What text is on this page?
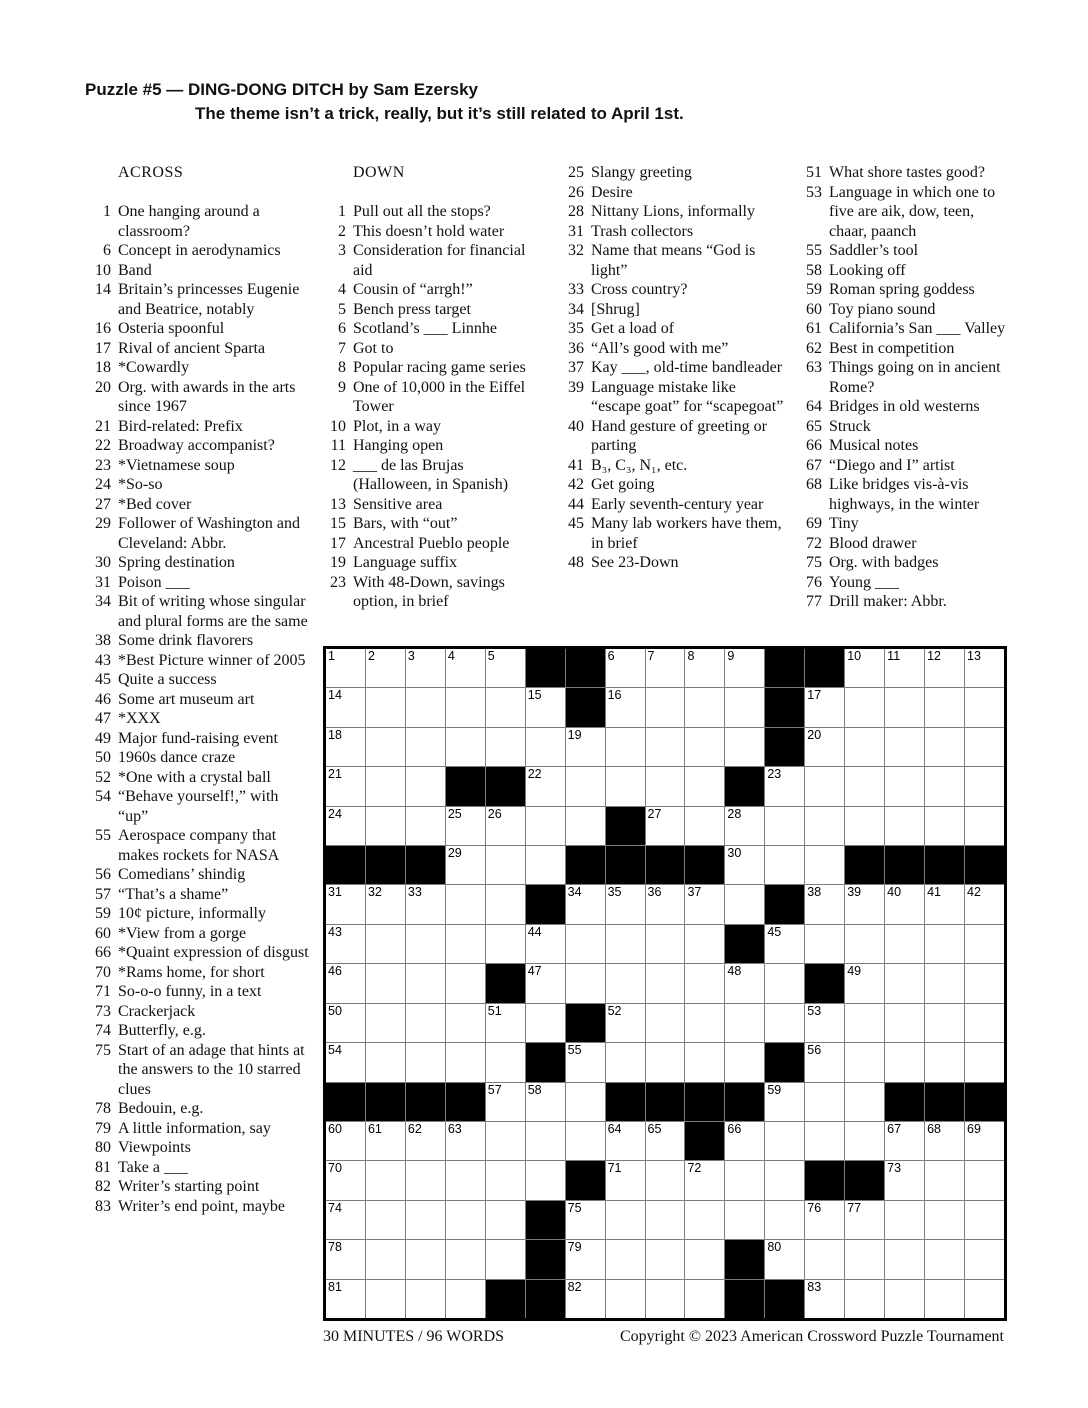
Puzzle #5 — DING-DONG DITCH by Sam Ezersky
The theme isn’t a trick, really, but it’s still related to April 1st.
ACROSS
1 One hanging around a classroom?
6 Concept in aerodynamics
10 Band
14 Britain’s princesses Eugenie and Beatrice, notably
16 Osteria spoonful
17 Rival of ancient Sparta
18 *Cowardly
20 Org. with awards in the arts since 1967
21 Bird-related: Prefix
22 Broadway accompanist?
23 *Vietnamese soup
24 *So-so
27 *Bed cover
29 Follower of Washington and Cleveland: Abbr.
30 Spring destination
31 Poison ___
34 Bit of writing whose singular and plural forms are the same
38 Some drink flavorers
43 *Best Picture winner of 2005
45 Quite a success
46 Some art museum art
47 *XXX
49 Major fund-raising event
50 1960s dance craze
52 *One with a crystal ball
54 “Behave yourself!,” with “up”
55 Aerospace company that makes rockets for NASA
56 Comedians’ shindig
57 “That’s a shame”
59 10¢ picture, informally
60 *View from a gorge
66 *Quaint expression of disgust
70 *Rams home, for short
71 So-o-o funny, in a text
73 Crackerjack
74 Butterfly, e.g.
75 Start of an adage that hints at the answers to the 10 starred clues
78 Bedouin, e.g.
79 A little information, say
80 Viewpoints
81 Take a ___
82 Writer’s starting point
83 Writer’s end point, maybe
DOWN
1 Pull out all the stops?
2 This doesn’t hold water
3 Consideration for financial aid
4 Cousin of “arrgh!”
5 Bench press target
6 Scotland’s ___ Linnhe
7 Got to
8 Popular racing game series
9 One of 10,000 in the Eiffel Tower
10 Plot, in a way
11 Hanging open
12 ___ de las Brujas (Halloween, in Spanish)
13 Sensitive area
15 Bars, with “out”
17 Ancestral Pueblo people
19 Language suffix
23 With 48-Down, savings option, in brief
25 Slangy greeting
26 Desire
28 Nittany Lions, informally
31 Trash collectors
32 Name that means “God is light”
33 Cross country?
34 [Shrug]
35 Get a load of
36 “All’s good with me”
37 Kay ___, old-time bandleader
39 Language mistake like “escape goat” for “scapegoat”
40 Hand gesture of greeting or parting
41 B₃, C₃, N₁, etc.
42 Get going
44 Early seventh-century year
45 Many lab workers have them, in brief
48 See 23-Down
51 What shore tastes good?
53 Language in which one to five are aik, dow, teen, chaar, paanch
55 Saddler’s tool
58 Looking off
59 Roman spring goddess
60 Toy piano sound
61 California’s San ___ Valley
62 Best in competition
63 Things going on in ancient Rome?
64 Bridges in old westerns
65 Struck
66 Musical notes
67 “Diego and I” artist
68 Like bridges vis-à-vis highways, in the winter
69 Tiny
72 Blood drawer
75 Org. with badges
76 Young ___
77 Drill maker: Abbr.
1	2	3	4	5	6	7	8	9	10 11 12 13
14	15	16	17
18	19	20
21	22	23
24	25 26	27	28
29	30
31 32 33	34 35 36 37	38 39 40 41 42
43	44	45
46	47	48	49
50	51	52	53
54	55	56
57 58	59
60 61 62 63	64 65	66	67 68 69
70	71	72	73
74	75	76 77
78	79	80
81	82	83
30 MINUTES / 96 WORDS	Copyright © 2023 American Crossword Puzzle Tournament
